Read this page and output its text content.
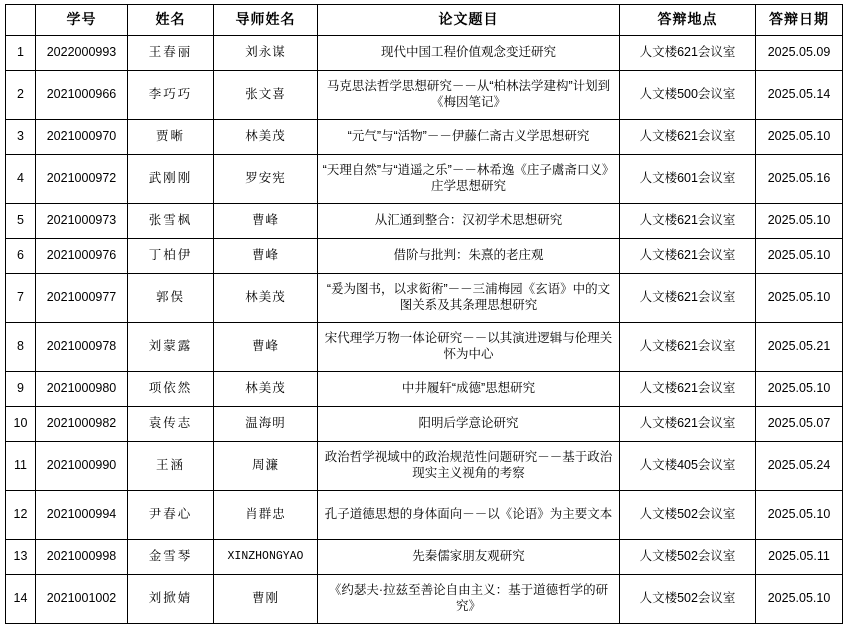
	学号	姓名	导师姓名	论文题目	答辩地点	答辩日期
1	2022000993	王春丽	刘永谋	现代中国工程价值观念变迁研究	人文楼621会议室	2025.05.09
2	2021000966	李巧巧	张文喜	马克思法哲学思想研究－－从“柏林法学建构”计划到《梅因笔记》	人文楼500会议室	2025.05.14
3	2021000970	贾晰	林美茂	“元气”与“活物”－－伊藤仁斋古义学思想研究	人文楼621会议室	2025.05.10
4	2021000972	武刚刚	罗安宪	“天理自然”与“逍遥之乐”－－林希逸《庄子鬳斋口义》庄学思想研究	人文楼601会议室	2025.05.16
5	2021000973	张雪枫	曹峰	从汇通到整合：汉初学术思想研究	人文楼621会议室	2025.05.10
6	2021000976	丁柏伊	曹峰	借阶与批判：朱熹的老庄观	人文楼621会议室	2025.05.10
7	2021000977	郭俣	林美茂	“爰为图书，以求衒術”－－三浦梅园《玄语》中的文图关系及其条理思想研究	人文楼621会议室	2025.05.10
8	2021000978	刘蒙露	曹峰	宋代理学万物一体论研究－－以其演进逻辑与伦理关怀为中心	人文楼621会议室	2025.05.21
9	2021000980	项依然	林美茂	中井履轩“成德”思想研究	人文楼621会议室	2025.05.10
10	2021000982	袁传志	温海明	阳明后学意论研究	人文楼621会议室	2025.05.07
11	2021000990	王涵	周濂	政治哲学视域中的政治规范性问题研究－－基于政治现实主义视角的考察	人文楼405会议室	2025.05.24
12	2021000994	尹春心	肖群忠	孔子道德思想的身体面向－－以《论语》为主要文本	人文楼502会议室	2025.05.10
13	2021000998	金雪琴	XINZHONGYAO	先秦儒家朋友观研究	人文楼502会议室	2025.05.11
14	2021001002	刘掀婧	曹刚	《约瑟夫·拉兹至善论自由主义：基于道德哲学的研究》	人文楼502会议室	2025.05.10
